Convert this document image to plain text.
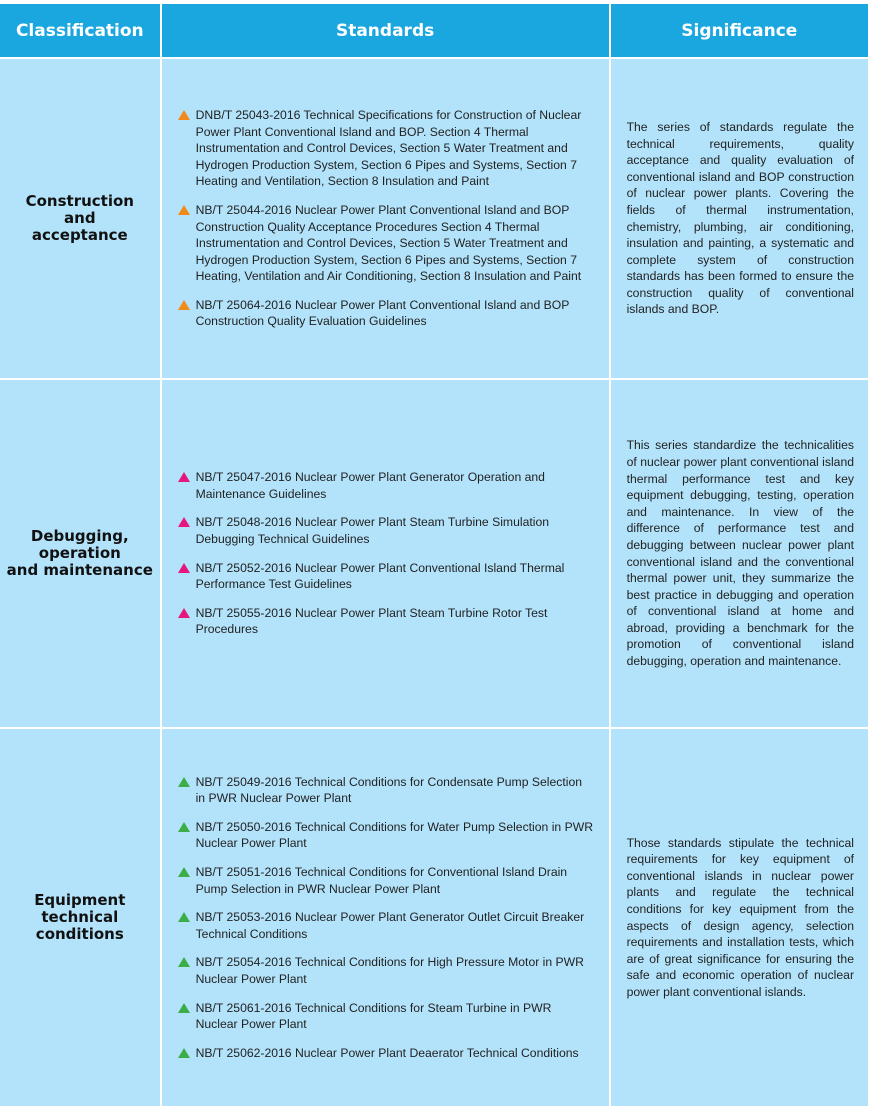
Classification	Standards	Significance
Construction
and
acceptance
DNB/T 25043-2016 Technical Specifications for Construction of Nuclear Power Plant Conventional Island and BOP. Section 4 Thermal Instrumentation and Control Devices, Section 5 Water Treatment and Hydrogen Production System, Section 6 Pipes and Systems, Section 7 Heating and Ventilation, Section 8 Insulation and Paint
NB/T 25044-2016 Nuclear Power Plant Conventional Island and BOP Construction Quality Acceptance Procedures Section 4 Thermal Instrumentation and Control Devices, Section 5 Water Treatment and Hydrogen Production System, Section 6 Pipes and Systems, Section 7 Heating, Ventilation and Air Conditioning, Section 8 Insulation and Paint
NB/T 25064-2016 Nuclear Power Plant Conventional Island and BOP Construction Quality Evaluation Guidelines
The series of standards regulate the technical requirements, quality acceptance and quality evaluation of conventional island and BOP construction of nuclear power plants. Covering the fields of thermal instrumentation, chemistry, plumbing, air conditioning, insulation and painting, a systematic and complete system of construction standards has been formed to ensure the construction quality of conventional islands and BOP.
Debugging,
operation
and maintenance
NB/T 25047-2016 Nuclear Power Plant Generator Operation and Maintenance Guidelines
NB/T 25048-2016 Nuclear Power Plant Steam Turbine Simulation Debugging Technical Guidelines
NB/T 25052-2016 Nuclear Power Plant Conventional Island Thermal Performance Test Guidelines
NB/T 25055-2016 Nuclear Power Plant Steam Turbine Rotor Test Procedures
This series standardize the technicalities of nuclear power plant conventional island thermal performance test and key equipment debugging, testing, operation and maintenance. In view of the difference of performance test and debugging between nuclear power plant conventional island and the conventional thermal power unit, they summarize the best practice in debugging and operation of conventional island at home and abroad, providing a benchmark for the promotion of conventional island debugging, operation and maintenance.
Equipment
technical
conditions
NB/T 25049-2016 Technical Conditions for Condensate Pump Selection in PWR Nuclear Power Plant
NB/T 25050-2016 Technical Conditions for Water Pump Selection in PWR Nuclear Power Plant
NB/T 25051-2016 Technical Conditions for Conventional Island Drain Pump Selection in PWR Nuclear Power Plant
NB/T 25053-2016 Nuclear Power Plant Generator Outlet Circuit Breaker Technical Conditions
NB/T 25054-2016 Technical Conditions for High Pressure Motor in PWR Nuclear Power Plant
NB/T 25061-2016 Technical Conditions for Steam Turbine in PWR Nuclear Power Plant
NB/T 25062-2016 Nuclear Power Plant Deaerator Technical Conditions
Those standards stipulate the technical requirements for key equipment of conventional islands in nuclear power plants and regulate the technical conditions for key equipment from the aspects of design agency, selection requirements and installation tests, which are of great significance for ensuring the safe and economic operation of nuclear power plant conventional islands.
